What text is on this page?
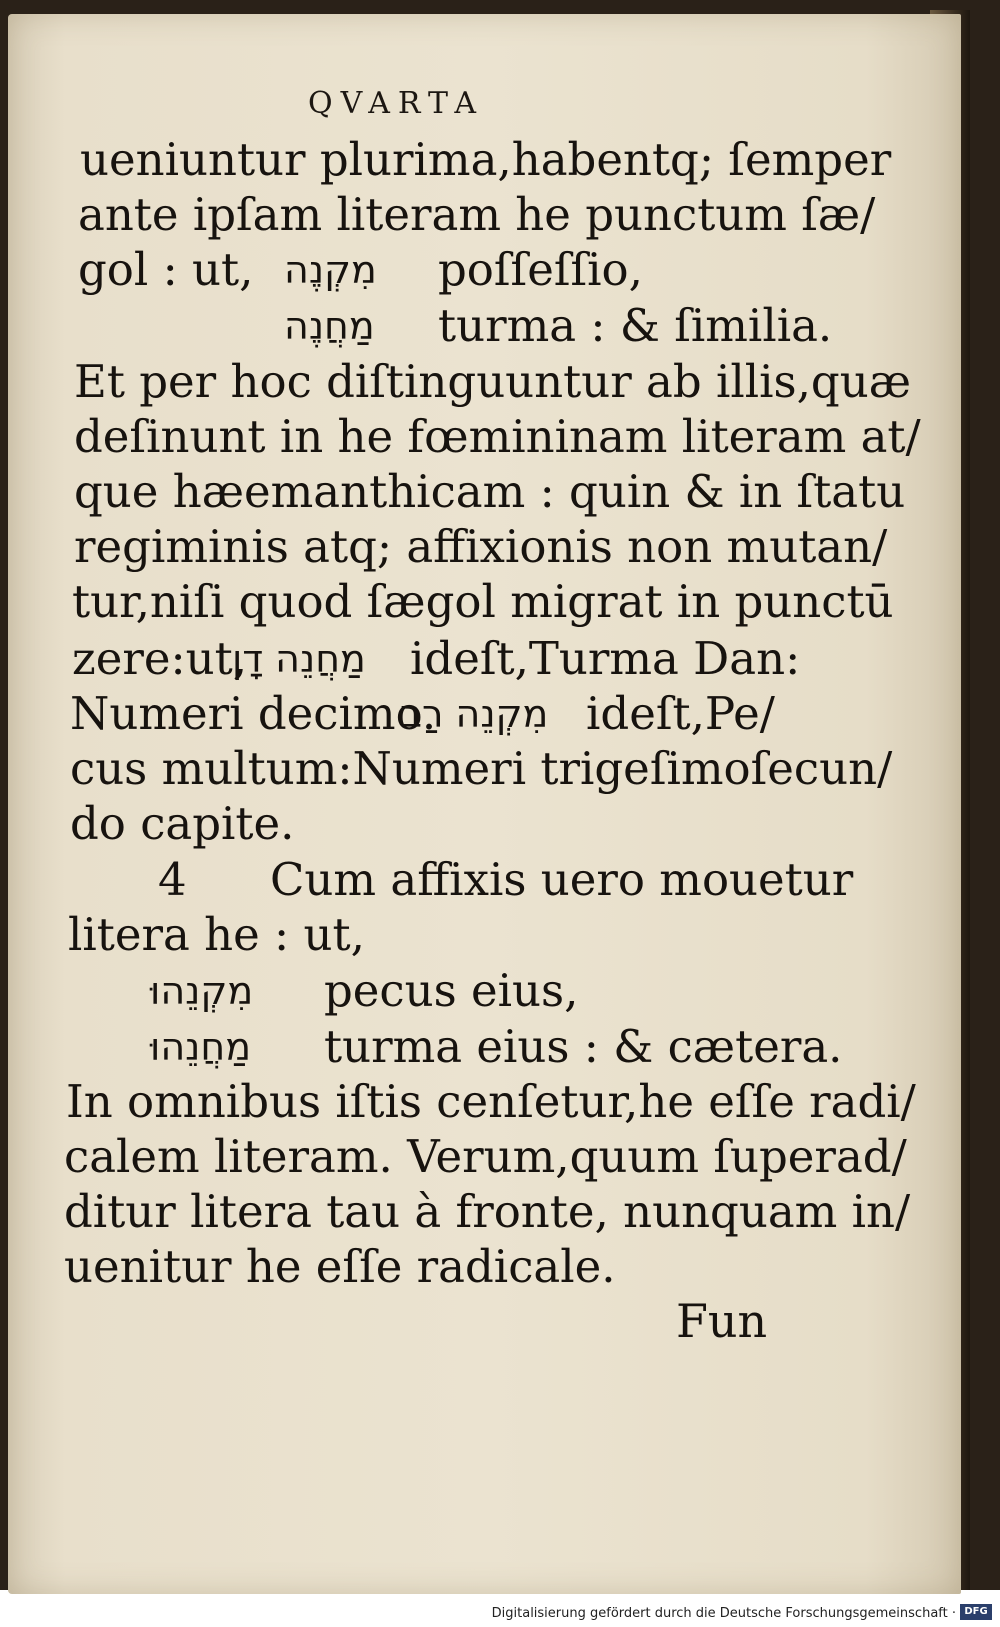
QVARTA
ueniuntur plurima,habentq; ſemper
ante ipſam literam he punctum ſæ/
gol : ut, מִקְנֶה poſſeſſio,
מַחֲנֶה turma : & ſimilia.
Et per hoc diſtinguuntur ab illis,quæ
deſinunt in he fœmininam literam at/
que hæemanthicam : quin & in ſtatu
regiminis atq; affixionis non mutan/
tur,niſi quod ſægol migrat in punctū
zere:ut,
מַחֲנֵה דָן ideſt,Turma Dan:
Numeri decimo.
מִקְנֵה רַב ideſt,Pe/
cus multum:Numeri trigeſimoſecun/
do capite.
4 Cum affixis uero mouetur
litera he : ut,
מִקְנֵהוּ pecus eius,
מַחֲנֵהוּ turma eius : & cætera.
In omnibus iſtis cenſetur,he eſſe radi/
calem literam. Verum,quum ſuperad/
ditur litera tau à fronte, nunquam in/
uenitur he eſſe radicale.
Fun
Digitalisierung gefördert durch die Deutsche Forschungsgemeinschaft · DFG
